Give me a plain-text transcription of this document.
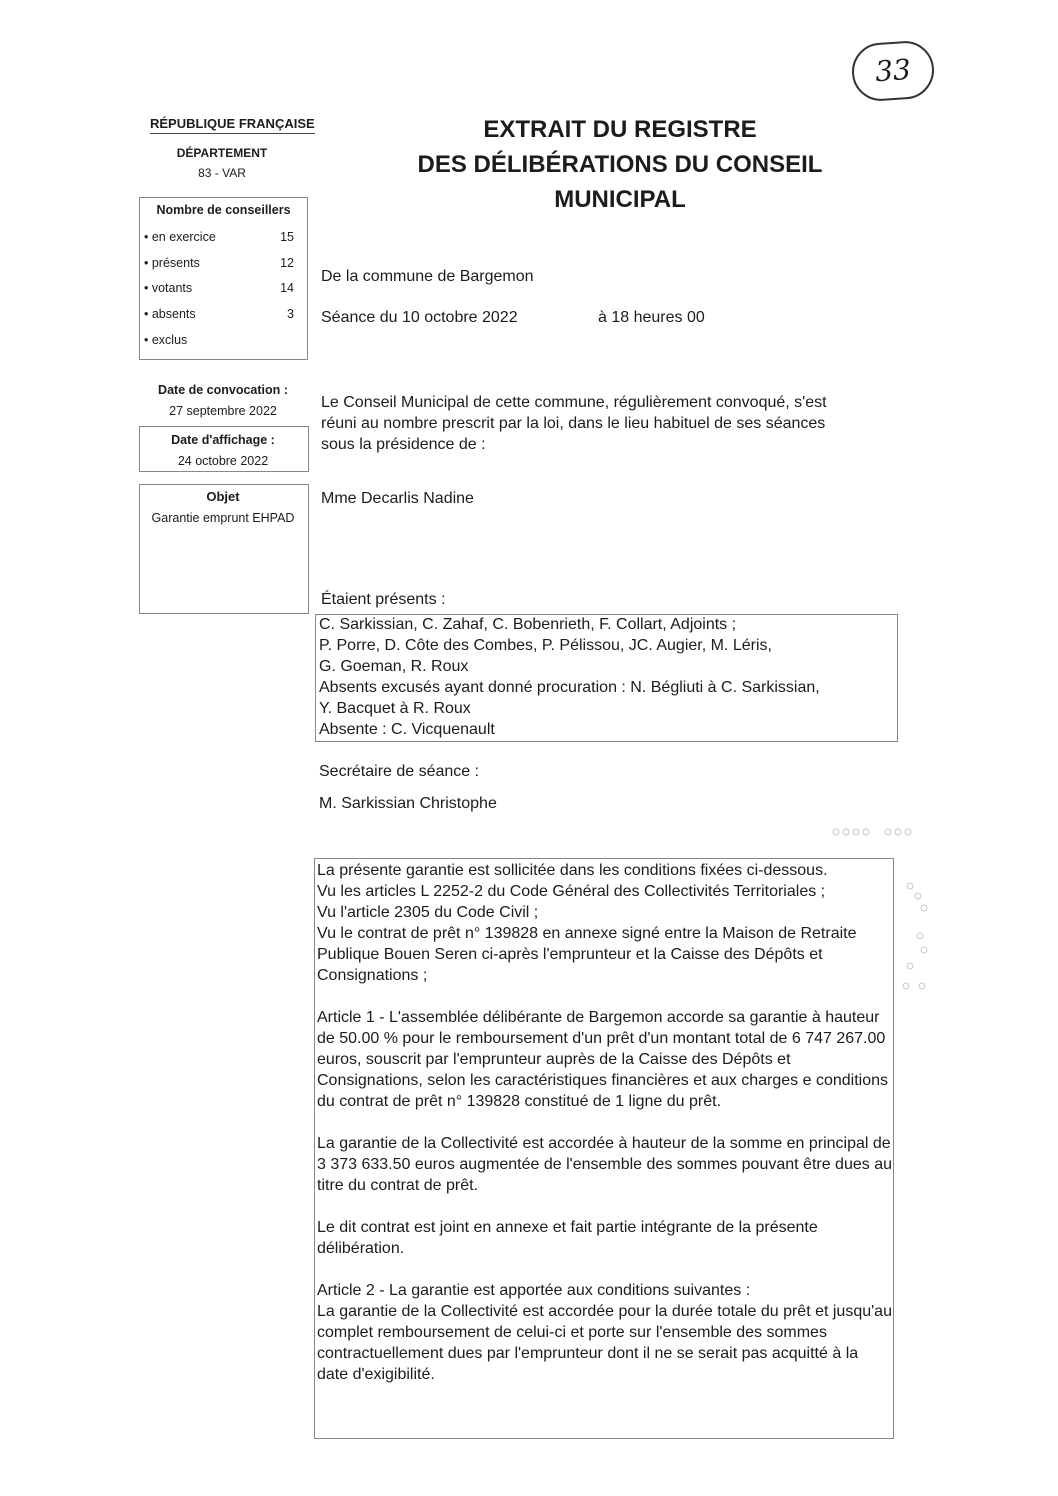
33
RÉPUBLIQUE FRANÇAISE
DÉPARTEMENT
83 - VAR
EXTRAIT DU REGISTRE
DES DÉLIBÉRATIONS DU CONSEIL
MUNICIPAL
Nombre de conseillers
• en exercice	15
• présents	12
• votants	14
• absents	3
• exclus
Date de convocation :
27 septembre 2022
Date d'affichage :
24 octobre 2022
Objet
Garantie emprunt EHPAD
De la commune de Bargemon
Séance du 10 octobre 2022	à 18 heures 00
Le Conseil Municipal de cette commune, régulièrement convoqué, s'est
réuni au nombre prescrit par la loi, dans le lieu habituel de ses séances
sous la présidence de :
Mme Decarlis Nadine
Étaient présents :
C. Sarkissian, C. Zahaf, C. Bobenrieth, F. Collart, Adjoints ;
P. Porre, D. Côte des Combes, P. Pélissou, JC. Augier, M. Léris,
G. Goeman, R. Roux
Absents excusés ayant donné procuration : N. Bégliuti à C. Sarkissian,
Y. Bacquet à R. Roux
Absente : C. Vicquenault
Secrétaire de séance :
M. Sarkissian Christophe

La présente garantie est sollicitée dans les conditions fixées ci-dessous.
Vu les articles L 2252-2 du Code Général des Collectivités Territoriales ;
Vu l'article 2305 du Code Civil ;
Vu le contrat de prêt n° 139828 en annexe signé entre la Maison de Retraite Publique Bouen Seren ci-après l'emprunteur et la Caisse des Dépôts et Consignations ;

Article 1 - L'assemblée délibérante de Bargemon accorde sa garantie à hauteur de 50.00 % pour le remboursement d'un prêt d'un montant total de 6 747 267.00 euros, souscrit par l'emprunteur auprès de la Caisse des Dépôts et Consignations, selon les caractéristiques financières et aux charges e conditions du contrat de prêt n° 139828 constitué de 1 ligne du prêt.

La garantie de la Collectivité est accordée à hauteur de la somme en principal de 3 373 633.50 euros augmentée de l'ensemble des sommes pouvant être dues au titre du contrat de prêt.

Le dit contrat est joint en annexe et fait partie intégrante de la présente délibération.

Article 2 - La garantie est apportée aux conditions suivantes :
La garantie de la Collectivité est accordée pour la durée totale du prêt et jusqu'au complet remboursement de celui-ci et porte sur l'ensemble des sommes contractuellement dues par l'emprunteur dont il ne se serait pas acquitté à la date d'exigibilité.
